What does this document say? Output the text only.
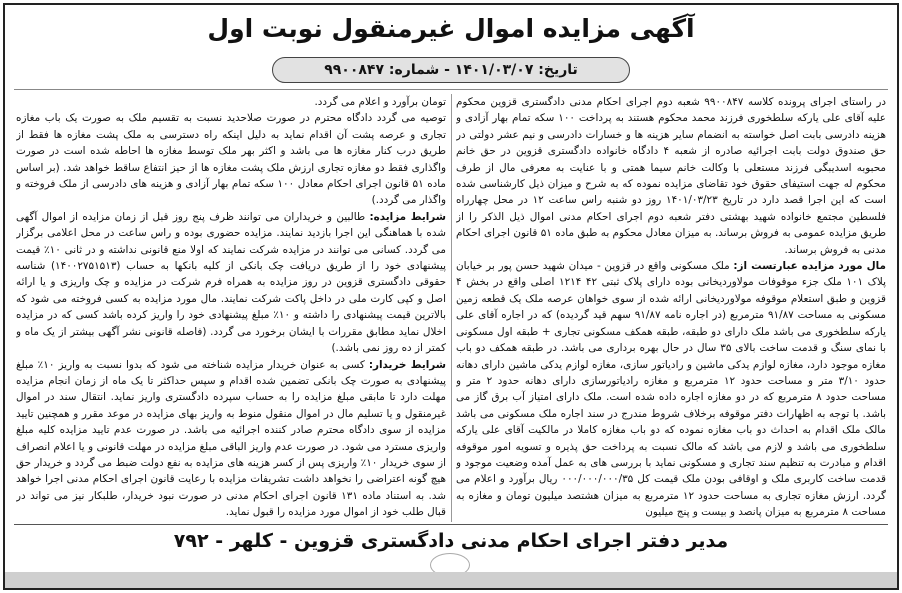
آگهی مزایده اموال غیرمنقول نوبت اول
تاریخ: ۱۴۰۱/۰۳/۰۷ - شماره: ۹۹۰۰۸۴۷

در راستای اجرای پرونده کلاسه ۹۹۰۰۸۴۷ شعبه دوم اجرای احکام مدنی دادگستری قزوین محکوم علیه آقای علی یارکه سلطخوری فرزند محمد محکوم هستند به پرداخت ۱۰۰ سکه تمام بهار آزادی و هزینه دادرسی بابت اصل خواسته به انضمام سایر هزینه ها و خسارات دادرسی و نیم عشر دولتی در حق صندوق دولت بابت اجرائیه صادره از شعبه ۴ دادگاه خانواده دادگستری قزوین در حق خانم محبوبه اسدیبگی فرزند مستعلی با وکالت خانم سیما همتی و با عنایت به معرفی مال از طرف محکوم له جهت استیفای حقوق خود تقاضای مزایده نموده که به شرح و میزان ذیل کارشناسی شده است که این اجرا قصد دارد در تاریخ ۱۴۰۱/۰۳/۲۳ روز دو شنبه راس ساعت ۱۲ در محل چهارراه فلسطین مجتمع خانواده شهید بهشتی دفتر شعبه دوم اجرای احکام مدنی اموال ذیل الذکر را از طریق مزایده عمومی به فروش برساند. به میزان معادل محکوم به طبق ماده ۵۱ قانون اجرای احکام مدنی به فروش برساند.

مال مورد مزایده عبارتست از: ملک مسکونی واقع در قزوین - میدان شهید حسن پور بر خیابان پلاک ۱۰۱ ملک جزء موقوفات مولاوردیخانی بوده دارای پلاک ثبتی ۴۲ ۱۲۱۴ اصلی واقع در بخش ۴ قزوین و طبق استعلام موقوفه مولاوردیخانی ارائه شده از سوی خواهان عرصه ملک یک قطعه زمین مسکونی به مساحت ۹۱/۸۷ مترمربع (در اجاره نامه ۹۱/۸۷ سهم قید گردیده) که در اجاره آقای علی یارکه سلطخوری می باشد ملک دارای دو طبقه، طبقه همکف مسکونی تجاری + طبقه اول مسکونی با نمای سنگ و قدمت ساخت بالای ۳۵ سال در حال بهره برداری می باشد. در طبقه همکف دو باب مغازه موجود دارد، مغازه لوازم یدکی ماشین و رادیاتور سازی، مغازه لوازم یدکی ماشین دارای دهانه حدود ۳/۱۰ متر و مساحت حدود ۱۲ مترمربع و مغازه رادیاتورسازی دارای دهانه حدود ۲ متر و مساحت حدود ۸ مترمربع که در دو مغازه اجاره داده شده است. ملک دارای امتیاز آب برق گاز می باشد. با توجه به اظهارات دفتر موقوفه برخلاف شروط مندرج در سند اجاره ملک مسکونی می باشد مالک ملک اقدام به احداث دو باب مغازه نموده که دو باب مغازه کاملا در مالکیت آقای علی یارکه سلطخوری می باشد و لازم می باشد که مالک نسبت به پرداخت حق پذیره و تسویه امور موقوفه اقدام و مبادرت به تنظیم سند تجاری و مسکونی نماید با بررسی های به عمل آمده وضعیت موجود و قدمت ساخت کاربری ملک و اوقافی بودن ملک قیمت کل ۰۰۰/۰۰۰/۰۰۰/۳۵ ریال برآورد و اعلام می گردد. ارزش مغازه تجاری به مساحت حدود ۱۲ مترمربع به میزان هشتصد میلیون تومان و مغازه به مساحت ۸ مترمربع به میزان پانصد و بیست و پنج میلیون

تومان برآورد و اعلام می گردد.

توصیه می گردد دادگاه محترم در صورت صلاحدید نسبت به تقسیم ملک به صورت یک باب مغازه تجاری و عرصه پشت آن اقدام نماید به دلیل اینکه راه دسترسی به ملک پشت مغازه ها فقط از طریق درب کنار مغازه ها می باشد و اکثر بهر ملک توسط مغازه ها احاطه شده است در صورت واگذاری فقط دو مغازه تجاری ارزش ملک پشت مغازه ها از حیز انتفاع ساقط خواهد شد. (بر اساس ماده ۵۱ قانون اجرای احکام معادل ۱۰۰ سکه تمام بهار آزادی و هزینه های دادرسی از ملک فروخته و واگذار می گردد.)

شرایط مزایده: طالبین و خریداران می توانند ظرف پنج روز قبل از زمان مزایده از اموال آگهی شده با هماهنگی این اجرا بازدید نمایند. مزایده حضوری بوده و راس ساعت در محل اعلامی برگزار می گردد. کسانی می توانند در مزایده شرکت نمایند که اولا منع قانونی نداشته و در ثانی ۱۰٪ قیمت پیشنهادی خود را از طریق دریافت چک بانکی از کلیه بانکها به حساب (۱۴۰۰۲۷۵۱۵۱۳) شناسه حقوقی دادگستری قزوین در روز مزایده به همراه فرم شرکت در مزایده و چک واریزی و یا ارائه اصل و کپی کارت ملی در داخل پاکت شرکت نمایند. مال مورد مزایده به کسی فروخته می شود که بالاترین قیمت پیشنهادی را داشته و ۱۰٪ مبلغ پیشنهادی خود را واریز کرده باشد کسی که در مزایده اخلال نماید مطابق مقررات با ایشان برخورد می گردد. (فاصله قانونی نشر آگهی بیشتر از یک ماه و کمتر از ده روز نمی باشد.)

شرایط خریدار: کسی به عنوان خریدار مزایده شناخته می شود که بدوا نسبت به واریز ۱۰٪ مبلغ پیشنهادی به صورت چک بانکی تضمین شده اقدام و سپس حداکثر تا یک ماه از زمان انجام مزایده مهلت دارد تا مابقی مبلغ مزایده را به حساب سپرده دادگستری واریز نماید. انتقال سند در اموال غیرمنقول و یا تسلیم مال در اموال منقول منوط به واریز بهای مزایده در موعد مقرر و همچنین تایید مزایده از سوی دادگاه محترم صادر کننده اجرائیه می باشد. در صورت عدم تایید مزایده کلیه مبلغ واریزی مسترد می شود. در صورت عدم واریز الباقی مبلغ مزایده در مهلت قانونی و یا اعلام انصراف از سوی خریدار ۱۰٪ واریزی پس از کسر هزینه های مزایده به نفع دولت ضبط می گردد و خریدار حق هیچ گونه اعتراضی را نخواهد داشت تشریفات مزایده با رعایت قانون اجرای احکام مدنی اجرا خواهد شد. به استناد ماده ۱۳۱ قانون اجرای احکام مدنی در صورت نبود خریدار، طلبکار نیز می تواند در قبال طلب خود از اموال مورد مزایده را قبول نماید.

مدیر دفتر اجرای احکام مدنی دادگستری قزوین - کلهر - ۷۹۲
